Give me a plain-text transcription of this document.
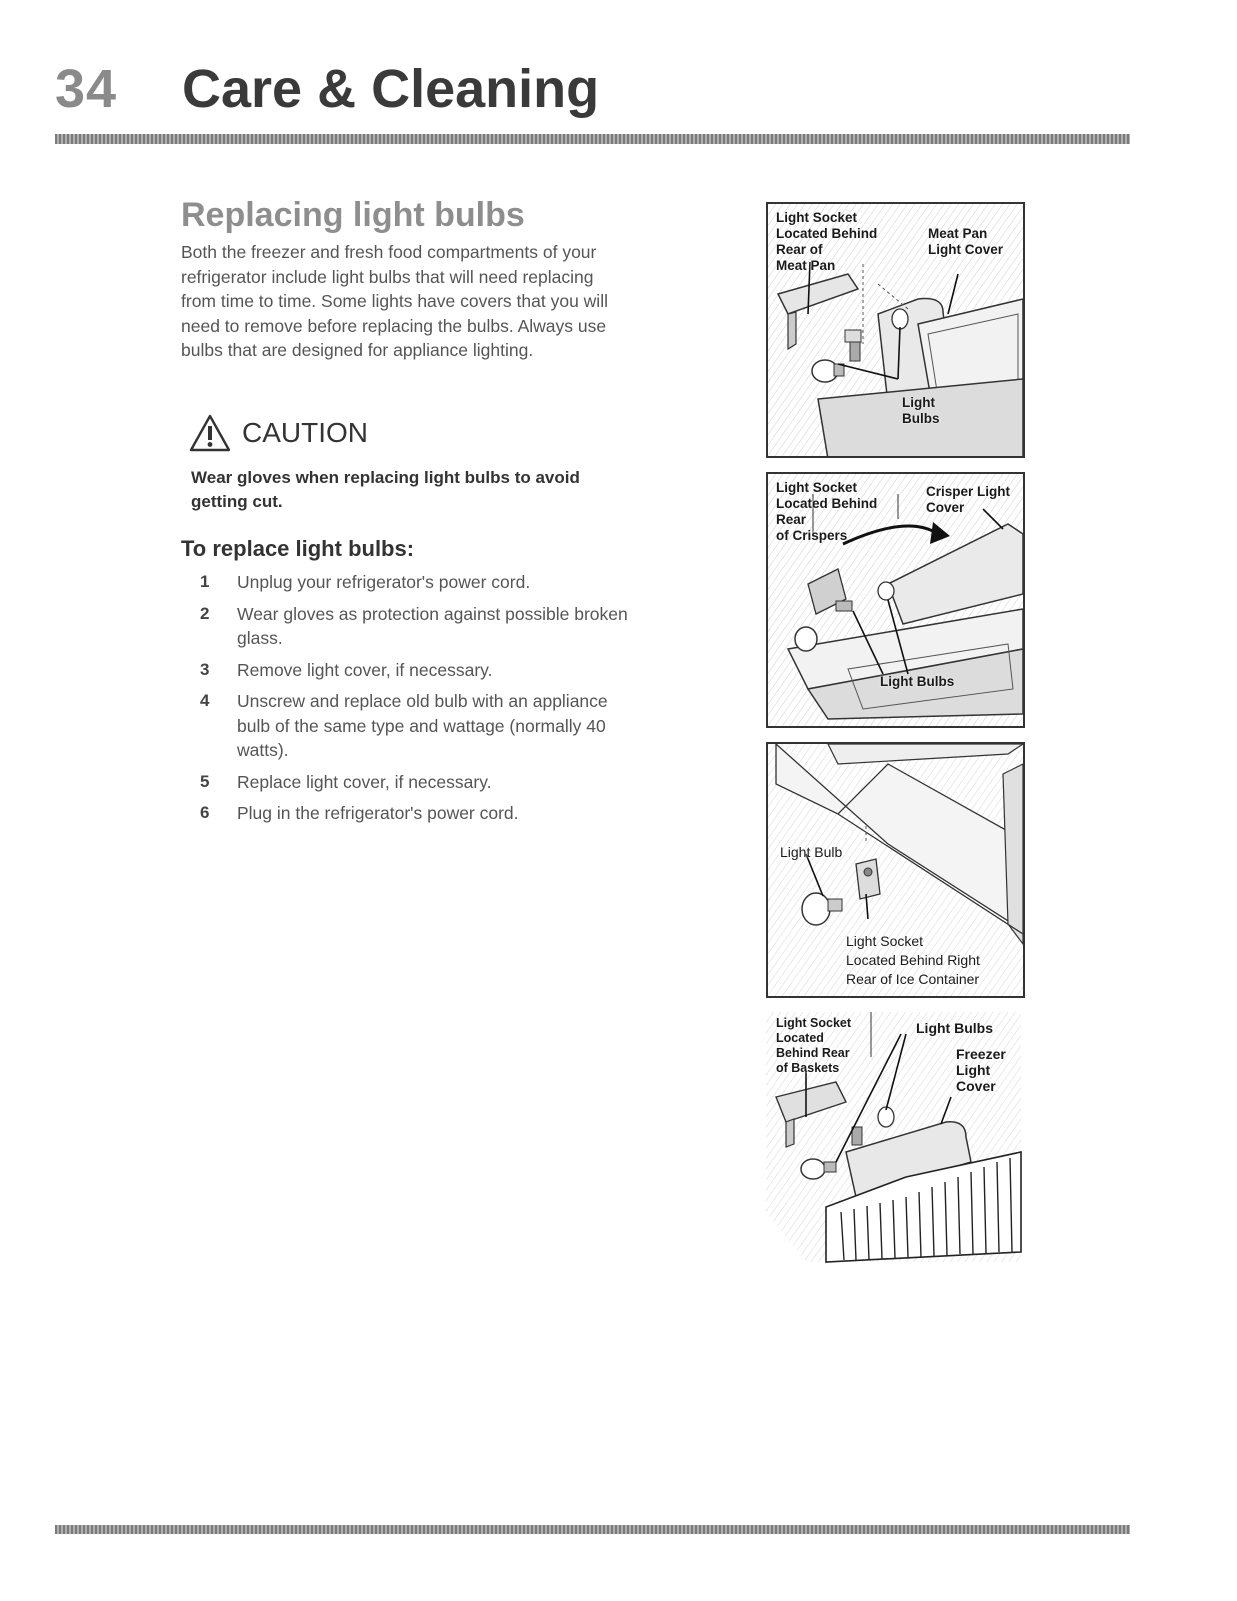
34 Care & Cleaning
Replacing light bulbs
Both the freezer and fresh food compartments of your refrigerator include light bulbs that will need replacing from time to time. Some lights have covers that you will need to remove before replacing the bulbs. Always use bulbs that are designed for appliance lighting.
CAUTION
Wear gloves when replacing light bulbs to avoid getting cut.
To replace light bulbs:
1	Unplug your refrigerator's power cord.
2	Wear gloves as protection against possible broken glass.
3	Remove light cover, if necessary.
4	Unscrew and replace old bulb with an appliance bulb of the same type and wattage (normally 40 watts).
5	Replace light cover, if necessary.
6	Plug in the refrigerator's power cord.
Light Socket
Located Behind
Rear of
Meat Pan
Meat Pan
Light Cover
Light
Bulbs
Light Socket
Located Behind
Rear
of Crispers
Crisper Light
Cover
Light Bulbs
Light Bulb
Light Socket
Located Behind Right
Rear of Ice Container
Light Socket
Located
Behind Rear
of Baskets
Light Bulbs
Freezer
Light
Cover
